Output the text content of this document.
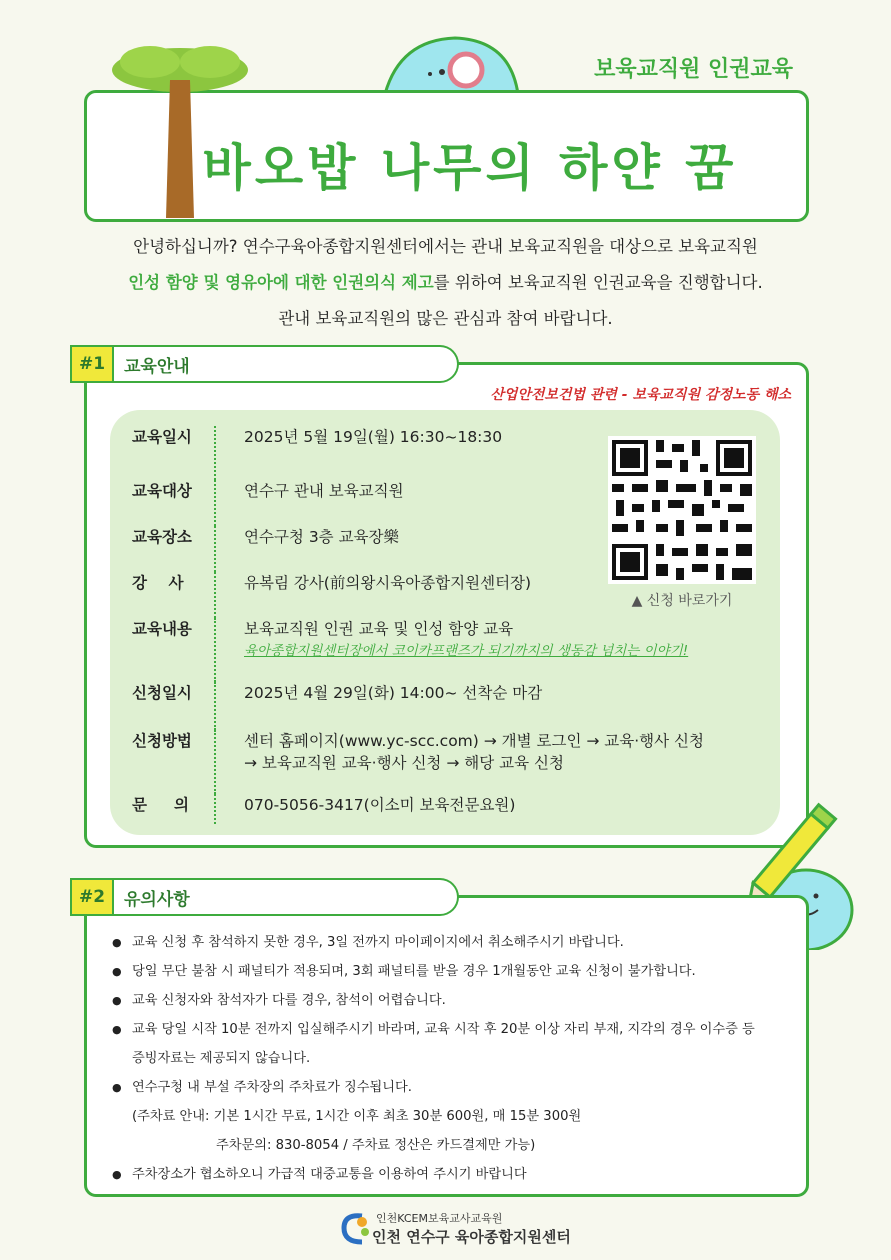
보육교직원 인권교육
바오밥 나무의 하얀 꿈
안녕하십니까? 연수구육아종합지원센터에서는 관내 보육교직원을 대상으로 보육교직원
인성 함양 및 영유아에 대한 인권의식 제고를 위하여 보육교직원 인권교육을 진행합니다.
관내 보육교직원의 많은 관심과 참여 바랍니다.
#1	교육안내
산업안전보건법 관련 - 보육교직원 감정노동 해소
교육일시	2025년 5월 19일(월) 16:30~18:30
교육대상	연수구 관내 보육교직원
교육장소	연수구청 3층 교육장樂
강    사	유복림 강사(前의왕시육아종합지원센터장)
교육내용	보육교직원 인권 교육 및 인성 함양 교육
육아종합지원센터장에서 코이카프랜즈가 되기까지의 생동감 넘치는 이야기!
신청일시	2025년 4월 29일(화) 14:00~ 선착순 마감
신청방법	센터 홈페이지(www.yc-scc.com) → 개별 로그인 → 교육·행사 신청
→ 보육교직원 교육·행사 신청 → 해당 교육 신청
문     의	070-5056-3417(이소미 보육전문요원)
▲ 신청 바로가기
#2	유의사항
● 교육 신청 후 참석하지 못한 경우, 3일 전까지 마이페이지에서 취소해주시기 바랍니다.
● 당일 무단 불참 시 패널티가 적용되며, 3회 패널티를 받을 경우 1개월동안 교육 신청이 불가합니다.
● 교육 신청자와 참석자가 다를 경우, 참석이 어렵습니다.
● 교육 당일 시작 10분 전까지 입실해주시기 바라며, 교육 시작 후 20분 이상 자리 부재, 지각의 경우 이수증 등
증빙자료는 제공되지 않습니다.
● 연수구청 내 부설 주차장의 주차료가 징수됩니다.
(주차료 안내: 기본 1시간 무료, 1시간 이후 최초 30분 600원, 매 15분 300원
주차문의: 830-8054 / 주차료 정산은 카드결제만 가능)
● 주차장소가 협소하오니 가급적 대중교통을 이용하여 주시기 바랍니다
인천KCEM보육교사교육원
인천 연수구 육아종합지원센터
